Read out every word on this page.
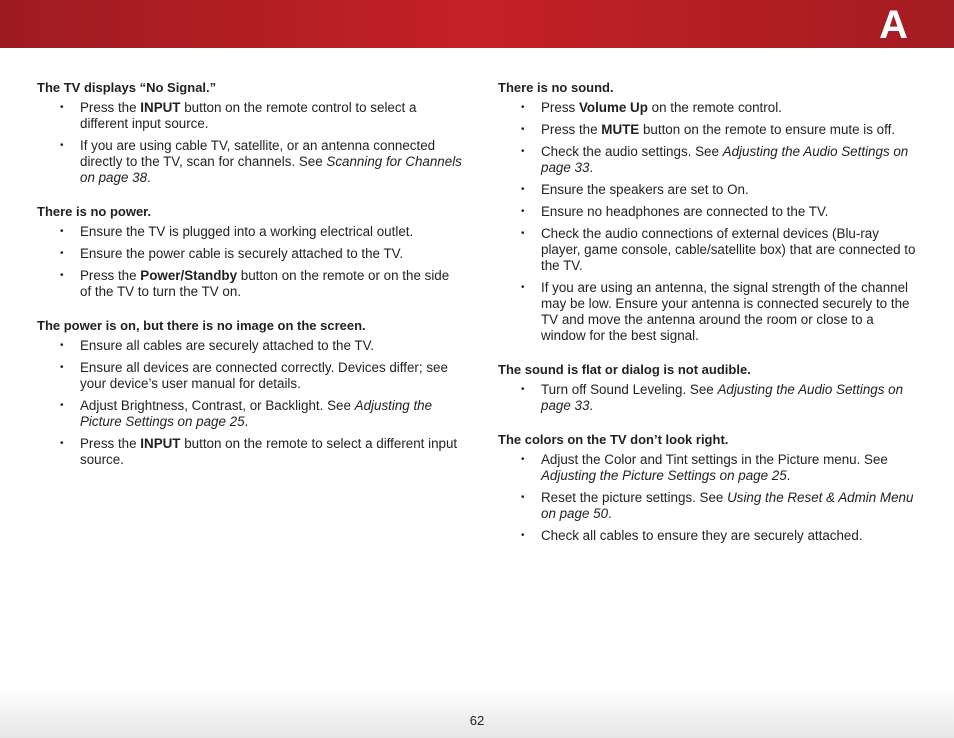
A
The TV displays “No Signal.”
• Press the INPUT button on the remote control to select a different input source.
• If you are using cable TV, satellite, or an antenna connected directly to the TV, scan for channels. See Scanning for Channels on page 38.
There is no power.
• Ensure the TV is plugged into a working electrical outlet.
• Ensure the power cable is securely attached to the TV.
• Press the Power/Standby button on the remote or on the side of the TV to turn the TV on.
The power is on, but there is no image on the screen.
• Ensure all cables are securely attached to the TV.
• Ensure all devices are connected correctly. Devices differ; see your device’s user manual for details.
• Adjust Brightness, Contrast, or Backlight. See Adjusting the Picture Settings on page 25.
• Press the INPUT button on the remote to select a different input source.
There is no sound.
• Press Volume Up on the remote control.
• Press the MUTE button on the remote to ensure mute is off.
• Check the audio settings. See Adjusting the Audio Settings on page 33.
• Ensure the speakers are set to On.
• Ensure no headphones are connected to the TV.
• Check the audio connections of external devices (Blu-ray player, game console, cable/satellite box) that are connected to the TV.
• If you are using an antenna, the signal strength of the channel may be low. Ensure your antenna is connected securely to the TV and move the antenna around the room or close to a window for the best signal.
The sound is flat or dialog is not audible.
• Turn off Sound Leveling. See Adjusting the Audio Settings on page 33.
The colors on the TV don’t look right.
• Adjust the Color and Tint settings in the Picture menu. See Adjusting the Picture Settings on page 25.
• Reset the picture settings. See Using the Reset & Admin Menu on page 50.
• Check all cables to ensure they are securely attached.
62
